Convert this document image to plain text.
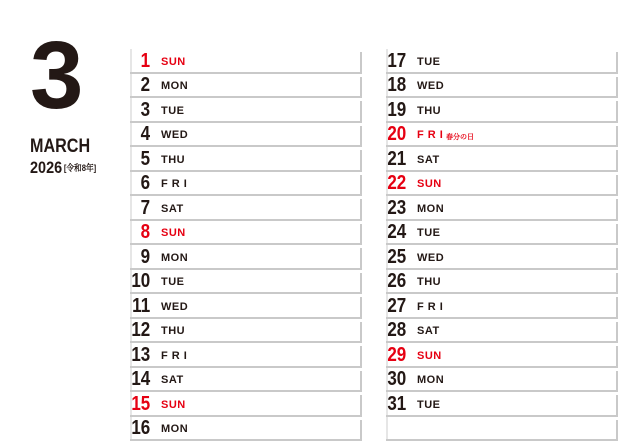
3
MARCH
2026 [令和8年]
1 SUN
2 MON
3 TUE
4 WED
5 THU
6 F R I
7 SAT
8 SUN
9 MON
10 TUE
11 WED
12 THU
13 F R I
14 SAT
15 SUN
16 MON
17 TUE
18 WED
19 THU
20 F R I 春分の日
21 SAT
22 SUN
23 MON
24 TUE
25 WED
26 THU
27 F R I
28 SAT
29 SUN
30 MON
31 TUE
